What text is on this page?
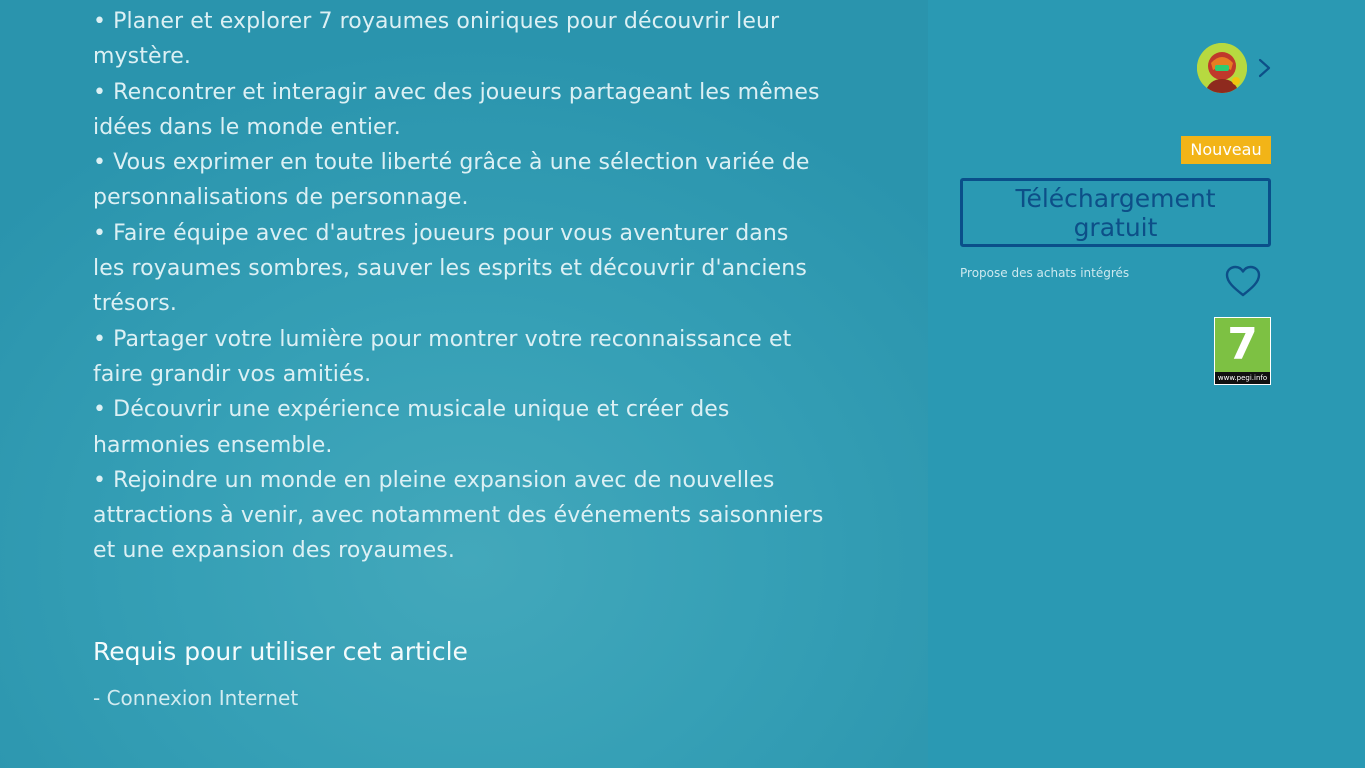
• Planer et explorer 7 royaumes oniriques pour découvrir leur
mystère.
• Rencontrer et interagir avec des joueurs partageant les mêmes
idées dans le monde entier.
• Vous exprimer en toute liberté grâce à une sélection variée de
personnalisations de personnage.
• Faire équipe avec d'autres joueurs pour vous aventurer dans
les royaumes sombres, sauver les esprits et découvrir d'anciens
trésors.
• Partager votre lumière pour montrer votre reconnaissance et
faire grandir vos amitiés.
• Découvrir une expérience musicale unique et créer des
harmonies ensemble.
• Rejoindre un monde en pleine expansion avec de nouvelles
attractions à venir, avec notamment des événements saisonniers
et une expansion des royaumes.
Requis pour utiliser cet article
- Connexion Internet
Nouveau
Téléchargement
gratuit
Propose des achats intégrés
7
www.pegi.info
